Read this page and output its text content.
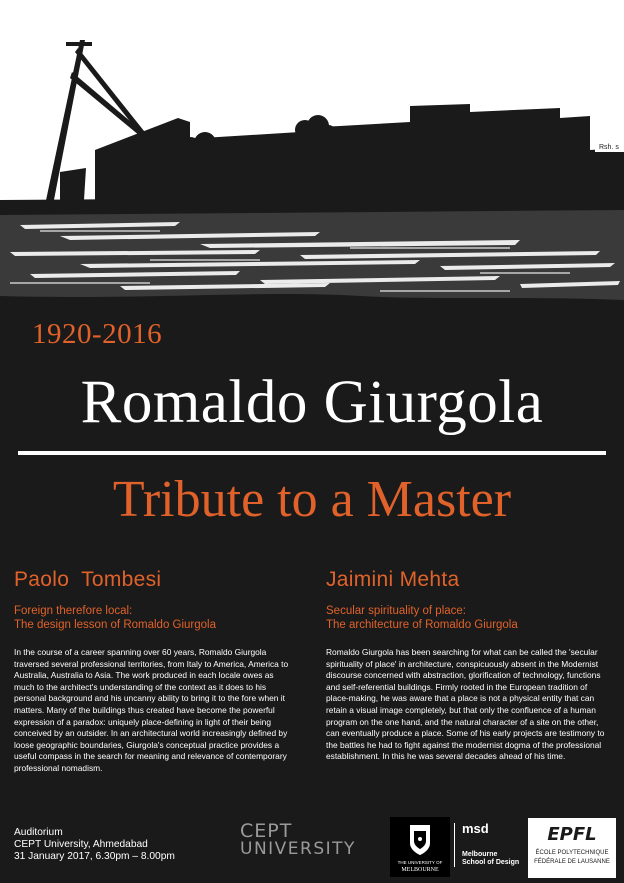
Rsh. s
1920-2016
Romaldo Giurgola
Tribute to a Master
Paolo  Tombesi
Foreign therefore local:
The design lesson of Romaldo Giurgola
In the course of a career spanning over 60 years, Romaldo Giurgola traversed several professional territories, from Italy to America, America to Australia, Australia to Asia. The work produced in each locale owes as much to the architect's understanding of the context as it does to his personal background and his uncanny ability to bring it to the fore when it matters. Many of the buildings thus created have become the powerful expression of a paradox: uniquely place-defining in light of their being conceived by an outsider. In an architectural world increasingly defined by loose geographic boundaries, Giurgola's conceptual practice provides a useful compass in the search for meaning and relevance of contemporary professional nomadism.
Jaimini Mehta
Secular spirituality of place:
The architecture of Romaldo Giurgola
Romaldo Giurgola has been searching for what can be called the 'secular spirituality of place' in architecture, conspicuously absent in the Modernist discourse concerned with abstraction, glorification of technology, functions and self-referential buildings. Firmly rooted in the European tradition of place-making, he was aware that a place is not a physical entity that can retain a visual image completely, but that only the confluence of a human program on the one hand, and the natural character of a site on the other, can eventually produce a place. Some of his early projects are testimony to the battles he had to fight against the modernist dogma of the professional establishment. In this he was several decades ahead of his time.
Auditorium
CEPT University, Ahmedabad
31 January 2017, 6.30pm – 8.00pm
CEPT
UNIVERSITY
THE UNIVERSITY OF
MELBOURNE
msd
Melbourne
School of Design
EPFL
ÉCOLE POLYTECHNIQUE
FÉDÉRALE DE LAUSANNE
